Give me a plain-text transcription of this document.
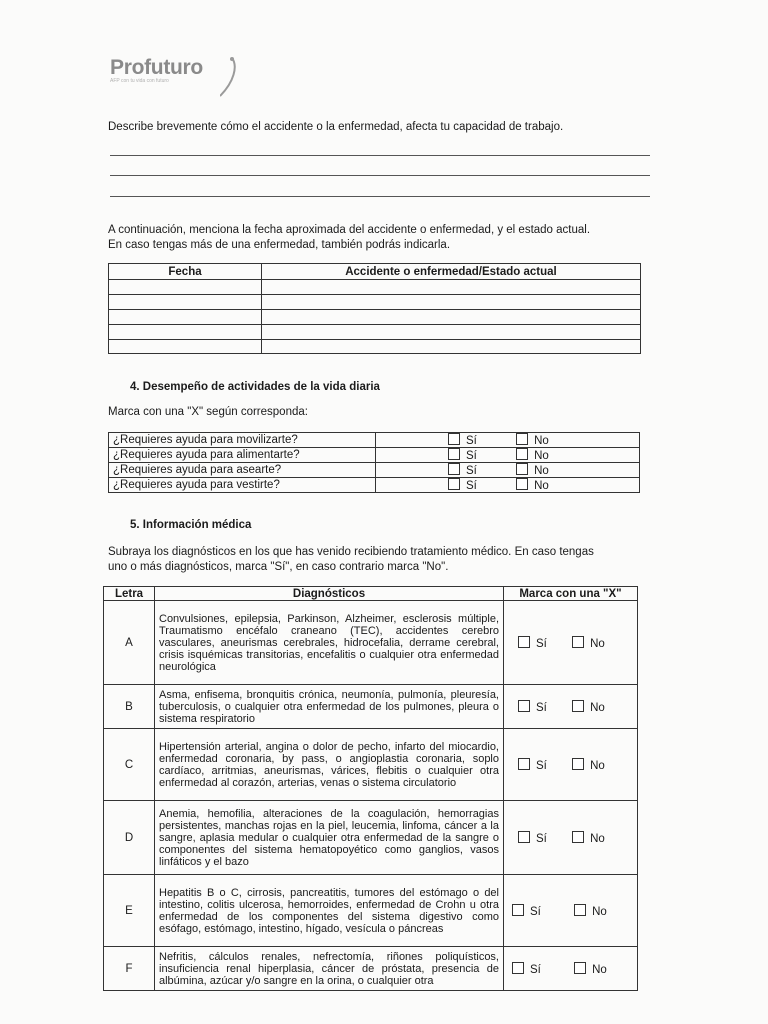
Profuturo
AFP con tu vida con futuro
Describe brevemente cómo el accidente o la enfermedad, afecta tu capacidad de trabajo.
A continuación, menciona la fecha aproximada del accidente o enfermedad, y el estado actual.
En caso tengas más de una enfermedad, también podrás indicarla.
Fecha	Accidente o enfermedad/Estado actual

4. Desempeño de actividades de la vida diaria
Marca con una "X" según corresponda:
¿Requieres ayuda para movilizarte?	Sí No
¿Requieres ayuda para alimentarte?	Sí No
¿Requieres ayuda para asearte?	Sí No
¿Requieres ayuda para vestirte?	Sí No
5. Información médica
Subraya los diagnósticos en los que has venido recibiendo tratamiento médico. En caso tengas
uno o más diagnósticos, marca "Sí", en caso contrario marca "No".
Letra	Diagnósticos	Marca con una "X"
A	Convulsiones, epilepsia, Parkinson, Alzheimer, esclerosis múltiple, Traumatismo encéfalo craneano (TEC), accidentes cerebro vasculares, aneurismas cerebrales, hidrocefalia, derrame cerebral, crisis isquémicas transitorias, encefalitis o cualquier otra enfermedad neurológica	Sí No
B	Asma, enfisema, bronquitis crónica, neumonía, pulmonía, pleuresía, tuberculosis, o cualquier otra enfermedad de los pulmones, pleura o sistema respiratorio	Sí No
C	Hipertensión arterial, angina o dolor de pecho, infarto del miocardio, enfermedad coronaria, by pass, o angioplastia coronaria, soplo cardíaco, arritmias, aneurismas, várices, flebitis o cualquier otra enfermedad al corazón, arterias, venas o sistema circulatorio	Sí No
D	Anemia, hemofilia, alteraciones de la coagulación, hemorragias persistentes, manchas rojas en la piel, leucemia, linfoma, cáncer a la sangre, aplasia medular o cualquier otra enfermedad de la sangre o componentes del sistema hematopoyético como ganglios, vasos linfáticos y el bazo	Sí No
E	Hepatitis B o C, cirrosis, pancreatitis, tumores del estómago o del intestino, colitis ulcerosa, hemorroides, enfermedad de Crohn u otra enfermedad de los componentes del sistema digestivo como esófago, estómago, intestino, hígado, vesícula o páncreas	Sí No
F	Nefritis, cálculos renales, nefrectomía, riñones poliquísticos, insuficiencia renal hiperplasia, cáncer de próstata, presencia de albúmina, azúcar y/o sangre en la orina, o cualquier otra	Sí No
